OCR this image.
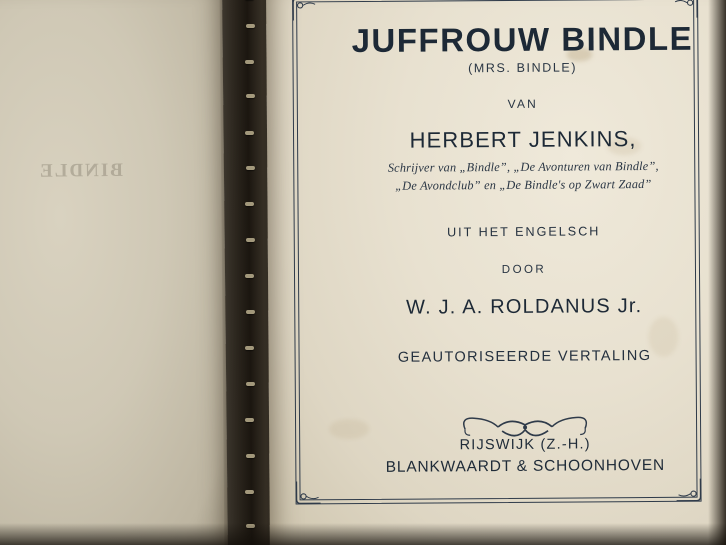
BINDLE
JUFFROUW BINDLE
(MRS. BINDLE)
VAN
HERBERT JENKINS,
Schrijver van „Bindle”, „De Avonturen van Bindle”,
„De Avondclub” en „De Bindle's op Zwart Zaad”
UIT HET ENGELSCH
DOOR
W. J. A. ROLDANUS Jr.
GEAUTORISEERDE VERTALING
RIJSWIJK (Z.-H.)
BLANKWAARDT & SCHOONHOVEN
